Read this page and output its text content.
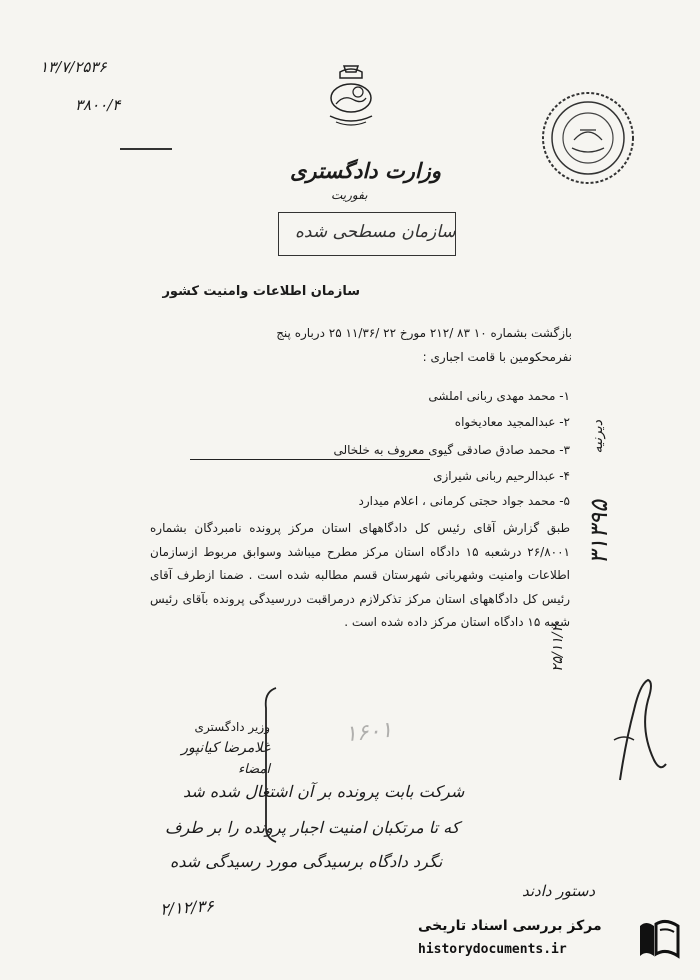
۱۳/۷/۲۵۳۶
۳۸۰۰/۴
وزارت دادگستری
بفوریت
سازمان مسطحی شده
سازمان اطلاعات وامنیت کشور
بازگشت بشماره ۱۰ ۸۳ /۲۱۲ مورخ ۲۲ /۱۱/۳۶ ۲۵ درباره پنج
نفرمحکومین با قامت اجباری :
۱- محمد مهدی ربانی املشی
۲- عبدالمجید معادیخواه
۳- محمد صادق صادقی گیوی معروف به خلخالی
۴- عبدالرحیم ربانی شیرازی
۵- محمد جواد حجتی کرمانی ، اعلام میدارد
طبق گزارش آقای رئیس کل دادگاههای استان مرکز پرونده نامبردگان بشماره ۲۶/۸۰۰۱ درشعبه ۱۵ دادگاه استان مرکز مطرح میباشد وسوابق مربوط ازسازمان اطلاعات وامنیت وشهربانی شهرستان قسم مطالبه شده است . ضمنا ازطرف آقای رئیس کل دادگاههای استان مرکز تذکرلازم درمراقبت دررسیدگی پرونده بآقای رئیس شعبه ۱۵ دادگاه استان مرکز داده شده است .
وزیر دادگستری
غلامرضا کیانپور
امضاء
دیرنیه
۳۱۳۹۵
۲۵/۱۱/۲
۱۶۰۱
شرکت بابت پرونده بر آن اشتغال شده شد
که تا مرتکبان امنیت اجبار پرونده را بر طرف
نگرد دادگاه برسیدگی مورد رسیدگی شده
۲/۱۲/۳۶
دستور دادند
مرکز بررسی اسناد تاریخی
historydocuments.ir
